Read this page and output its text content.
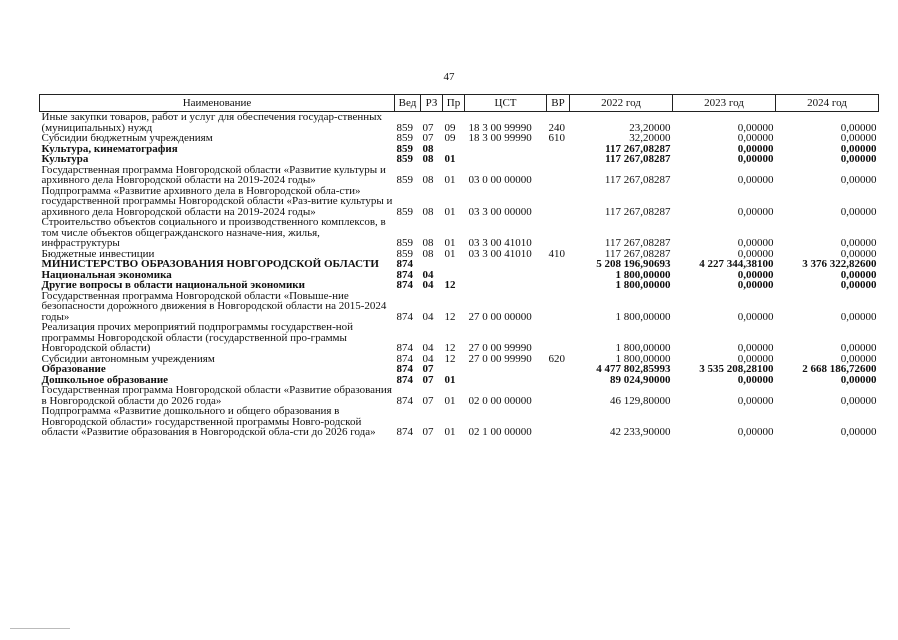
47
Наименование	Вед	РЗ	Пр	ЦСТ	ВР	2022 год	2023 год	2024 год
Иные закупки товаров, работ и услуг для обеспечения государ-ственных (муниципальных) нужд	859	07	09	18 3 00 99990	240	23,20000	0,00000	0,00000
Субсидии бюджетным учреждениям	859	07	09	18 3 00 99990	610	32,20000	0,00000	0,00000
Культура, кинематография	859	08				117 267,08287	0,00000	0,00000
Культура	859	08	01			117 267,08287	0,00000	0,00000
Государственная программа Новгородской области «Развитие культуры и архивного дела Новгородской области на 2019-2024 годы»	859	08	01	03 0 00 00000		117 267,08287	0,00000	0,00000
Подпрограмма «Развитие архивного дела в Новгородской обла-сти» государственной программы Новгородской области «Раз-витие культуры и архивного дела Новгородской области на 2019-2024 годы»	859	08	01	03 3 00 00000		117 267,08287	0,00000	0,00000
Строительство объектов социального и производственного комплексов, в том числе объектов общегражданского назначе-ния, жилья, инфраструктуры	859	08	01	03 3 00 41010		117 267,08287	0,00000	0,00000
Бюджетные инвестиции	859	08	01	03 3 00 41010	410	117 267,08287	0,00000	0,00000
МИНИСТЕРСТВО ОБРАЗОВАНИЯ НОВГОРОДСКОЙ ОБЛАСТИ	874					5 208 196,90693	4 227 344,38100	3 376 322,82600
Национальная экономика	874	04				1 800,00000	0,00000	0,00000
Другие вопросы в области национальной экономики	874	04	12			1 800,00000	0,00000	0,00000
Государственная программа Новгородской области «Повыше-ние безопасности дорожного движения в Новгородской области на 2015-2024 годы»	874	04	12	27 0 00 00000		1 800,00000	0,00000	0,00000
Реализация прочих мероприятий подпрограммы государствен-ной программы Новгородской области (государственной про-граммы Новгородской области)	874	04	12	27 0 00 99990		1 800,00000	0,00000	0,00000
Субсидии автономным учреждениям	874	04	12	27 0 00 99990	620	1 800,00000	0,00000	0,00000
Образование	874	07				4 477 802,85993	3 535 208,28100	2 668 186,72600
Дошкольное образование	874	07	01			89 024,90000	0,00000	0,00000
Государственная программа Новгородской области «Развитие образования в Новгородской области до 2026 года»	874	07	01	02 0 00 00000		46 129,80000	0,00000	0,00000
Подпрограмма «Развитие дошкольного и общего образования в Новгородской области» государственной программы Новго-родской области «Развитие образования в Новгородской обла-сти до 2026 года»	874	07	01	02 1 00 00000		42 233,90000	0,00000	0,00000
